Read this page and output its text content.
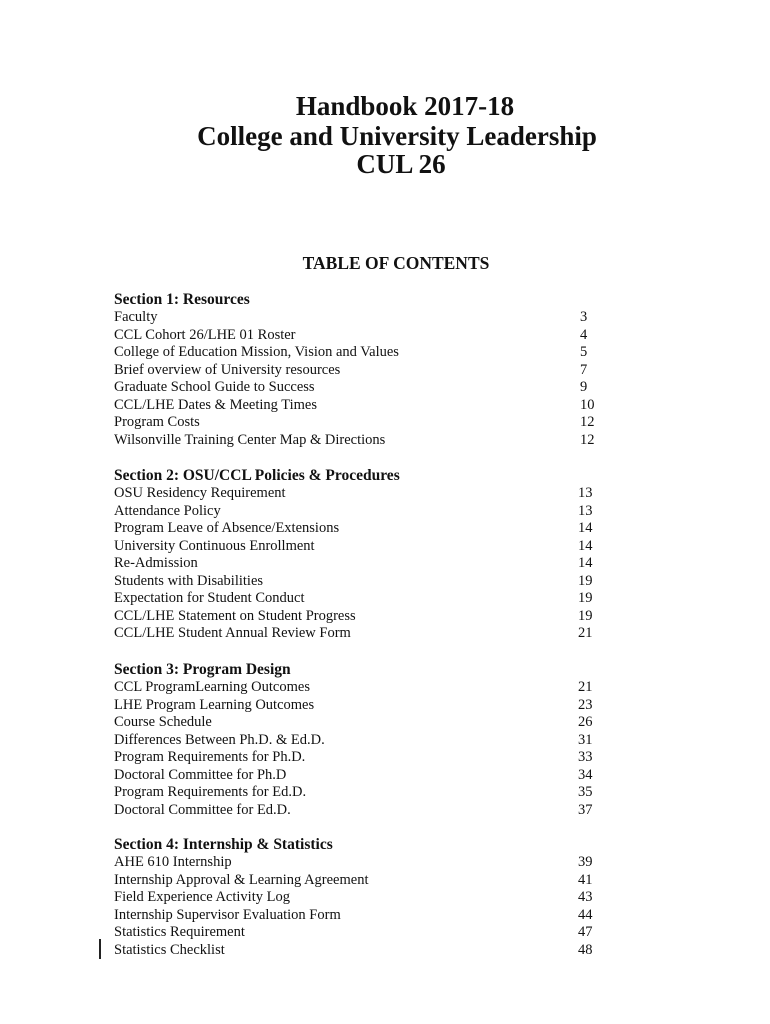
Handbook 2017-18
College and University Leadership
CUL 26
TABLE OF CONTENTS
Section 1: Resources
Faculty	3
CCL Cohort 26/LHE 01 Roster	4
College of Education Mission, Vision and Values	5
Brief overview of University resources	7
Graduate School Guide to Success	9
CCL/LHE Dates & Meeting Times	10
Program Costs	12
Wilsonville Training Center Map & Directions	12
Section 2: OSU/CCL Policies & Procedures
OSU Residency Requirement	13
Attendance Policy	13
Program Leave of Absence/Extensions	14
University Continuous Enrollment	14
Re-Admission	14
Students with Disabilities	19
Expectation for Student Conduct	19
CCL/LHE Statement on Student Progress	19
CCL/LHE Student Annual Review Form	21
Section 3: Program Design
CCL ProgramLearning Outcomes	21
LHE Program Learning Outcomes	23
Course Schedule	26
Differences Between Ph.D. & Ed.D.	31
Program Requirements for Ph.D.	33
Doctoral Committee for Ph.D	34
Program Requirements for Ed.D.	35
Doctoral Committee for Ed.D.	37
Section 4: Internship & Statistics
AHE 610 Internship	39
Internship Approval & Learning Agreement	41
Field Experience Activity Log	43
Internship Supervisor Evaluation Form	44
Statistics Requirement	47
Statistics Checklist	48
